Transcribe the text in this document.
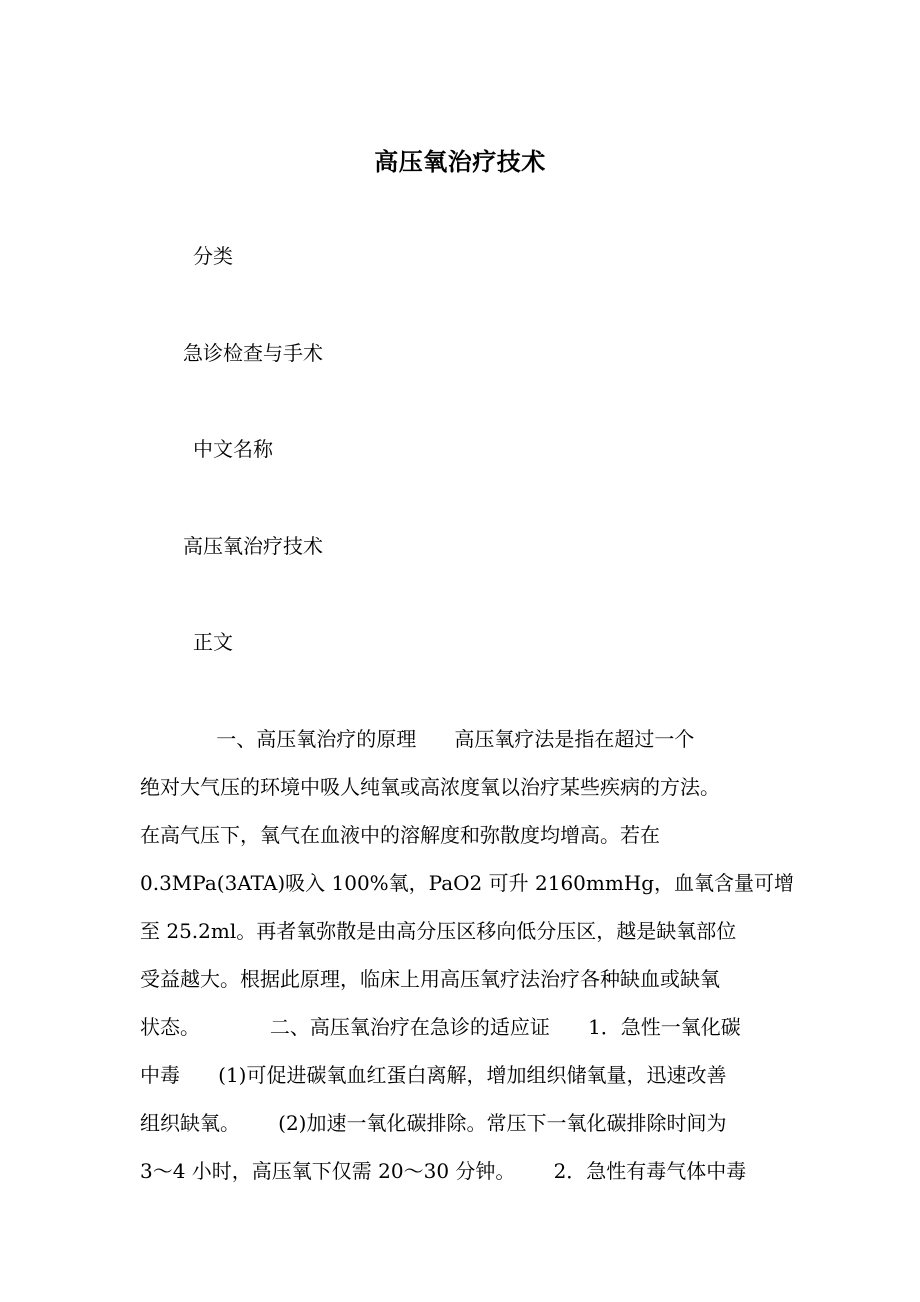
高压氧治疗技术

分类

急诊检查与手术

中文名称

高压氧治疗技术

正文

一、高压氧治疗的原理      高压氧疗法是指在超过一个
绝对大气压的环境中吸人纯氧或高浓度氧以治疗某些疾病的方法。
在高气压下，氧气在血液中的溶解度和弥散度均增高。若在
0.3MPa(3ATA)吸入 100%氧，PaO2 可升 2160mmHg，血氧含量可增
至 25.2ml。再者氧弥散是由高分压区移向低分压区，越是缺氧部位
受益越大。根据此原理，临床上用高压氧疗法治疗各种缺血或缺氧
状态。           二、高压氧治疗在急诊的适应证      1．急性一氧化碳
中毒      (1)可促进碳氧血红蛋白离解，增加组织储氧量，迅速改善
组织缺氧。      (2)加速一氧化碳排除。常压下一氧化碳排除时间为
3～4 小时，高压氧下仅需 20～30 分钟。      2．急性有毒气体中毒
